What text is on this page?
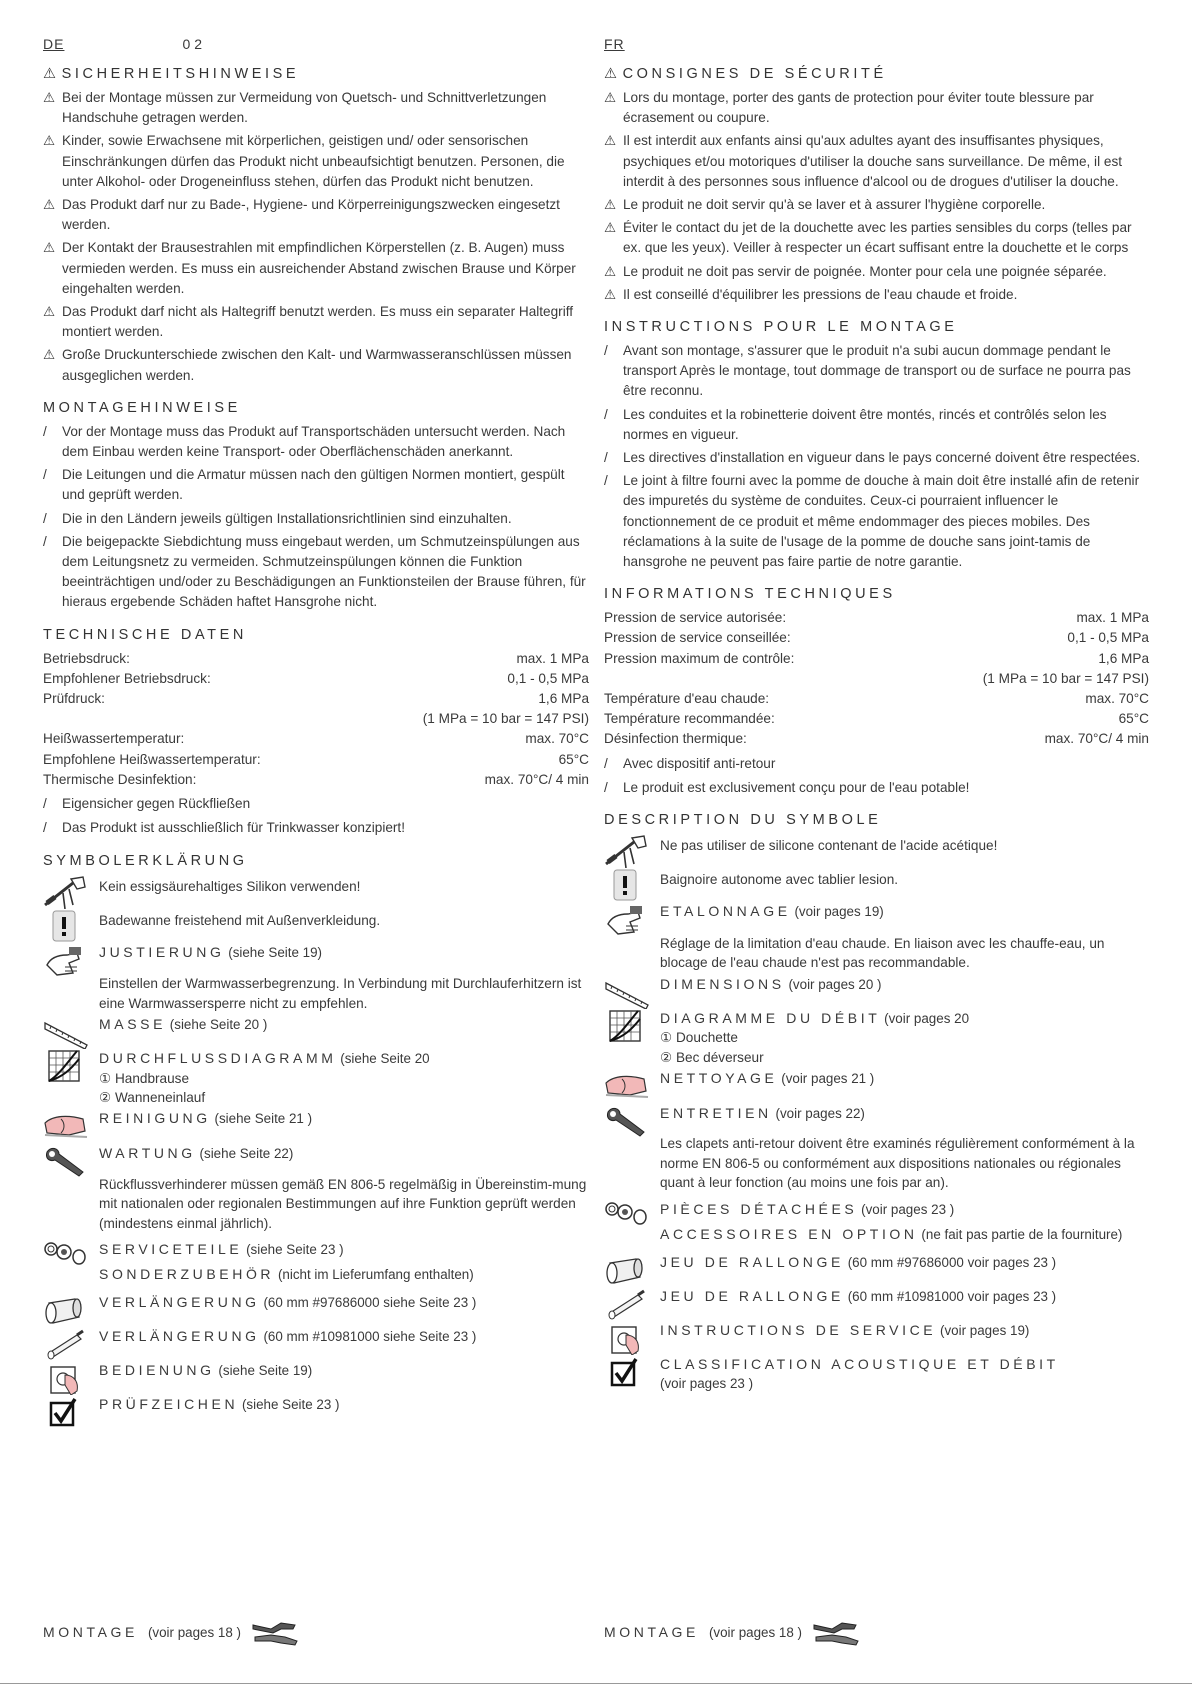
DE	02
⚠ SICHERHEITSHINWEISE
⚠ Bei der Montage müssen zur Vermeidung von Quetsch- und Schnittverletzungen Handschuhe getragen werden.
⚠ Kinder, sowie Erwachsene mit körperlichen, geistigen und/ oder sensorischen Einschränkungen dürfen das Produkt nicht unbeaufsichtigt benutzen. Personen, die unter Alkohol- oder Drogeneinfluss stehen, dürfen das Produkt nicht benutzen.
⚠ Das Produkt darf nur zu Bade-, Hygiene- und Körperreinigungszwecken eingesetzt werden.
⚠ Der Kontakt der Brausestrahlen mit empfindlichen Körperstellen (z. B. Augen) muss vermieden werden. Es muss ein ausreichender Abstand zwischen Brause und Körper eingehalten werden.
⚠ Das Produkt darf nicht als Haltegriff benutzt werden. Es muss ein separater Haltegriff montiert werden.
⚠ Große Druckunterschiede zwischen den Kalt- und Warmwasseranschlüssen müssen ausgeglichen werden.
MONTAGEHINWEISE
/ Vor der Montage muss das Produkt auf Transportschäden untersucht werden. Nach dem Einbau werden keine Transport- oder Oberflächenschäden anerkannt.
/ Die Leitungen und die Armatur müssen nach den gültigen Normen montiert, gespült und geprüft werden.
/ Die in den Ländern jeweils gültigen Installationsrichtlinien sind einzuhalten.
/ Die beigepackte Siebdichtung muss eingebaut werden, um Schmutzeinspülungen aus dem Leitungsnetz zu vermeiden. Schmutzeinspülungen können die Funktion beeinträchtigen und/oder zu Beschädigungen an Funktionsteilen der Brause führen, für hieraus ergebende Schäden haftet Hansgrohe nicht.
TECHNISCHE DATEN
Betriebsdruck:	max. 1 MPa
Empfohlener Betriebsdruck:	0,1 - 0,5 MPa
Prüfdruck:	1,6 MPa
	(1 MPa = 10 bar = 147 PSI)
Heißwassertemperatur:	max. 70°C
Empfohlene Heißwassertemperatur:	65°C
Thermische Desinfektion:	max. 70°C/ 4 min
/ Eigensicher gegen Rückfließen
/ Das Produkt ist ausschließlich für Trinkwasser konzipiert!
SYMBOLERKLÄRUNG
Kein essigsäurehaltiges Silikon verwenden!
Badewanne freistehend mit Außenverkleidung.
JUSTIERUNG (siehe Seite 19)
Einstellen der Warmwasserbegrenzung. In Verbindung mit Durchlauferhitzern ist eine Warmwassersperre nicht zu empfehlen.
MASSE (siehe Seite 20 )
DURCHFLUSSDIAGRAMM (siehe Seite 20
① Handbrause
② Wanneneinlauf
REINIGUNG (siehe Seite 21 )
WARTUNG (siehe Seite 22)
Rückflussverhinderer müssen gemäß EN 806-5 regelmäßig in Übereinstim-mung mit nationalen oder regionalen Bestimmungen auf ihre Funktion geprüft werden (mindestens einmal jährlich).
SERVICETEILE (siehe Seite 23 )
SONDERZUBEHÖR (nicht im Lieferumfang enthalten)
VERLÄNGERUNG (60 mm #97686000 siehe Seite 23 )
VERLÄNGERUNG (60 mm #10981000 siehe Seite 23 )
BEDIENUNG (siehe Seite 19)
PRÜFZEICHEN (siehe Seite 23 )
MONTAGE (voir pages 18 )
FR
⚠ CONSIGNES DE SÉCURITÉ
⚠ Lors du montage, porter des gants de protection pour éviter toute blessure par écrasement ou coupure.
⚠ Il est interdit aux enfants ainsi qu'aux adultes ayant des insuffisantes physiques, psychiques et/ou motoriques d'utiliser la douche sans surveillance. De même, il est interdit à des personnes sous influence d'alcool ou de drogues d'utiliser la douche.
⚠ Le produit ne doit servir qu'à se laver et à assurer l'hygiène corporelle.
⚠ Éviter le contact du jet de la douchette avec les parties sensibles du corps (telles par ex. que les yeux). Veiller à respecter un écart suffisant entre la douchette et le corps
⚠ Le produit ne doit pas servir de poignée. Monter pour cela une poignée séparée.
⚠ Il est conseillé d'équilibrer les pressions de l'eau chaude et froide.
INSTRUCTIONS POUR LE MONTAGE
/ Avant son montage, s'assurer que le produit n'a subi aucun dommage pendant le transport Après le montage, tout dommage de transport ou de surface ne pourra pas être reconnu.
/ Les conduites et la robinetterie doivent être montés, rincés et contrôlés selon les normes en vigueur.
/ Les directives d'installation en vigueur dans le pays concerné doivent être respectées.
/ Le joint à filtre fourni avec la pomme de douche à main doit être installé afin de retenir des impuretés du système de conduites. Ceux-ci pourraient influencer le fonctionnement de ce produit et même endommager des pieces mobiles. Des réclamations à la suite de l'usage de la pomme de douche sans joint-tamis de hansgrohe ne peuvent pas faire partie de notre garantie.
INFORMATIONS TECHNIQUES
Pression de service autorisée:	max. 1 MPa
Pression de service conseillée:	0,1 - 0,5 MPa
Pression maximum de contrôle:	1,6 MPa
	(1 MPa = 10 bar = 147 PSI)
Température d'eau chaude:	max. 70°C
Température recommandée:	65°C
Désinfection thermique:	max. 70°C/ 4 min
/ Avec dispositif anti-retour
/ Le produit est exclusivement conçu pour de l'eau potable!
DESCRIPTION DU SYMBOLE
Ne pas utiliser de silicone contenant de l'acide acétique!
Baignoire autonome avec tablier lesion.
ETALONNAGE (voir pages 19)
Réglage de la limitation d'eau chaude. En liaison avec les chauffe-eau, un blocage de l'eau chaude n'est pas recommandable.
DIMENSIONS (voir pages 20 )
DIAGRAMME DU DÉBIT (voir pages 20
① Douchette
② Bec déverseur
NETTOYAGE (voir pages 21 )
ENTRETIEN (voir pages 22)
Les clapets anti-retour doivent être examinés régulièrement conformément à la norme EN 806-5 ou conformément aux dispositions nationales ou régionales quant à leur fonction (au moins une fois par an).
PIÈCES DÉTACHÉES (voir pages 23 )
ACCESSOIRES EN OPTION (ne fait pas partie de la fourniture)
JEU DE RALLONGE (60 mm #97686000 voir pages 23 )
JEU DE RALLONGE (60 mm #10981000 voir pages 23 )
INSTRUCTIONS DE SERVICE (voir pages 19)
CLASSIFICATION ACOUSTIQUE ET DÉBIT
(voir pages 23 )
MONTAGE (voir pages 18 )
